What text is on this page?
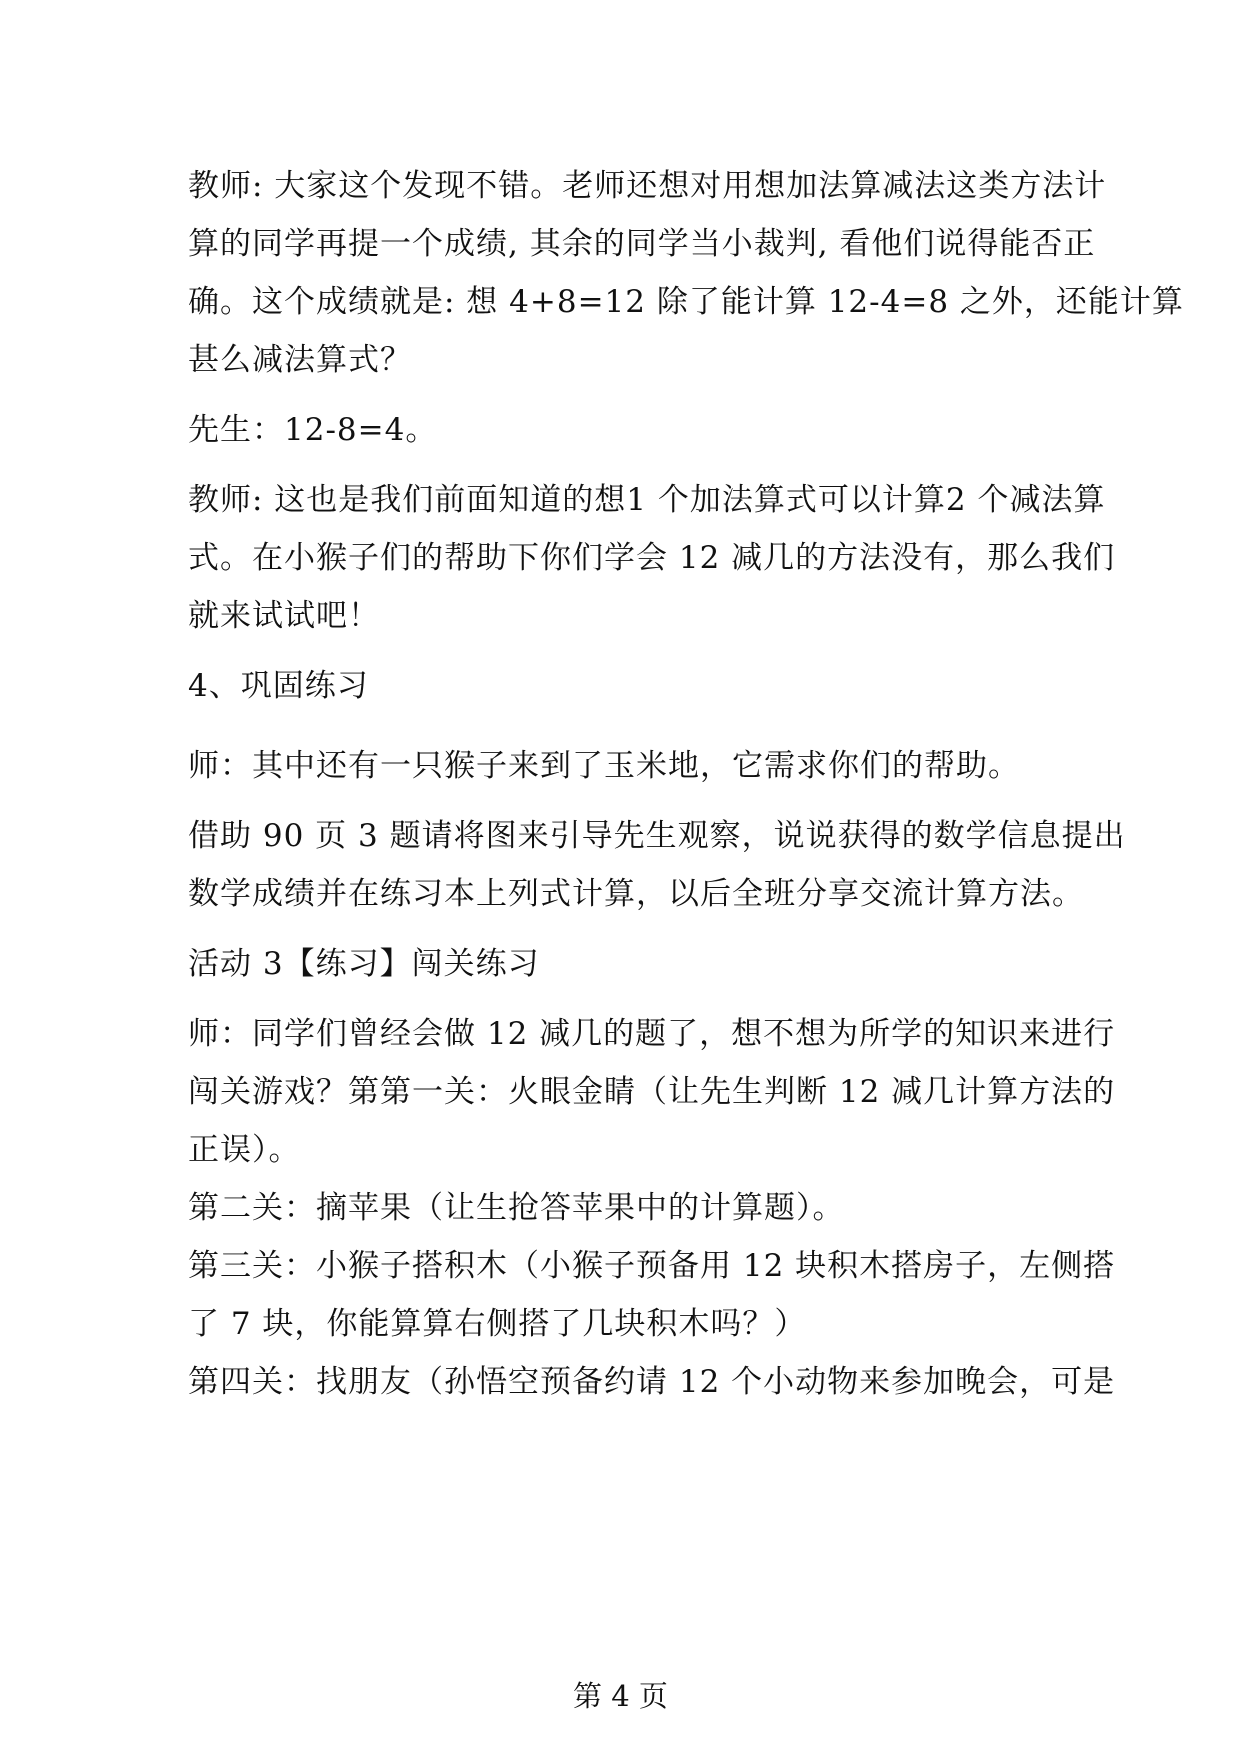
教师: 大家这个发现不错。老师还想对用想加法算减法这类方法计
算的同学再提一个成绩, 其余的同学当小裁判, 看他们说得能否正
确。这个成绩就是: 想 4+8=12 除了能计算 12-4=8 之外，还能计算
甚么减法算式？
先生：12-8=4。
教师: 这也是我们前面知道的想1 个加法算式可以计算2 个减法算
式。在小猴子们的帮助下你们学会 12 减几的方法没有，那么我们
就来试试吧！
4、巩固练习
师：其中还有一只猴子来到了玉米地，它需求你们的帮助。
借助 90 页 3 题请将图来引导先生观察，说说获得的数学信息提出
数学成绩并在练习本上列式计算，以后全班分享交流计算方法。
活动 3【练习】闯关练习
师：同学们曾经会做 12 减几的题了，想不想为所学的知识来进行
闯关游戏？第第一关：火眼金睛（让先生判断 12 减几计算方法的
正误）。
第二关：摘苹果（让生抢答苹果中的计算题）。
第三关：小猴子搭积木（小猴子预备用 12 块积木搭房子，左侧搭
了 7 块，你能算算右侧搭了几块积木吗？）
第四关：找朋友（孙悟空预备约请 12 个小动物来参加晚会，可是
第 4 页
